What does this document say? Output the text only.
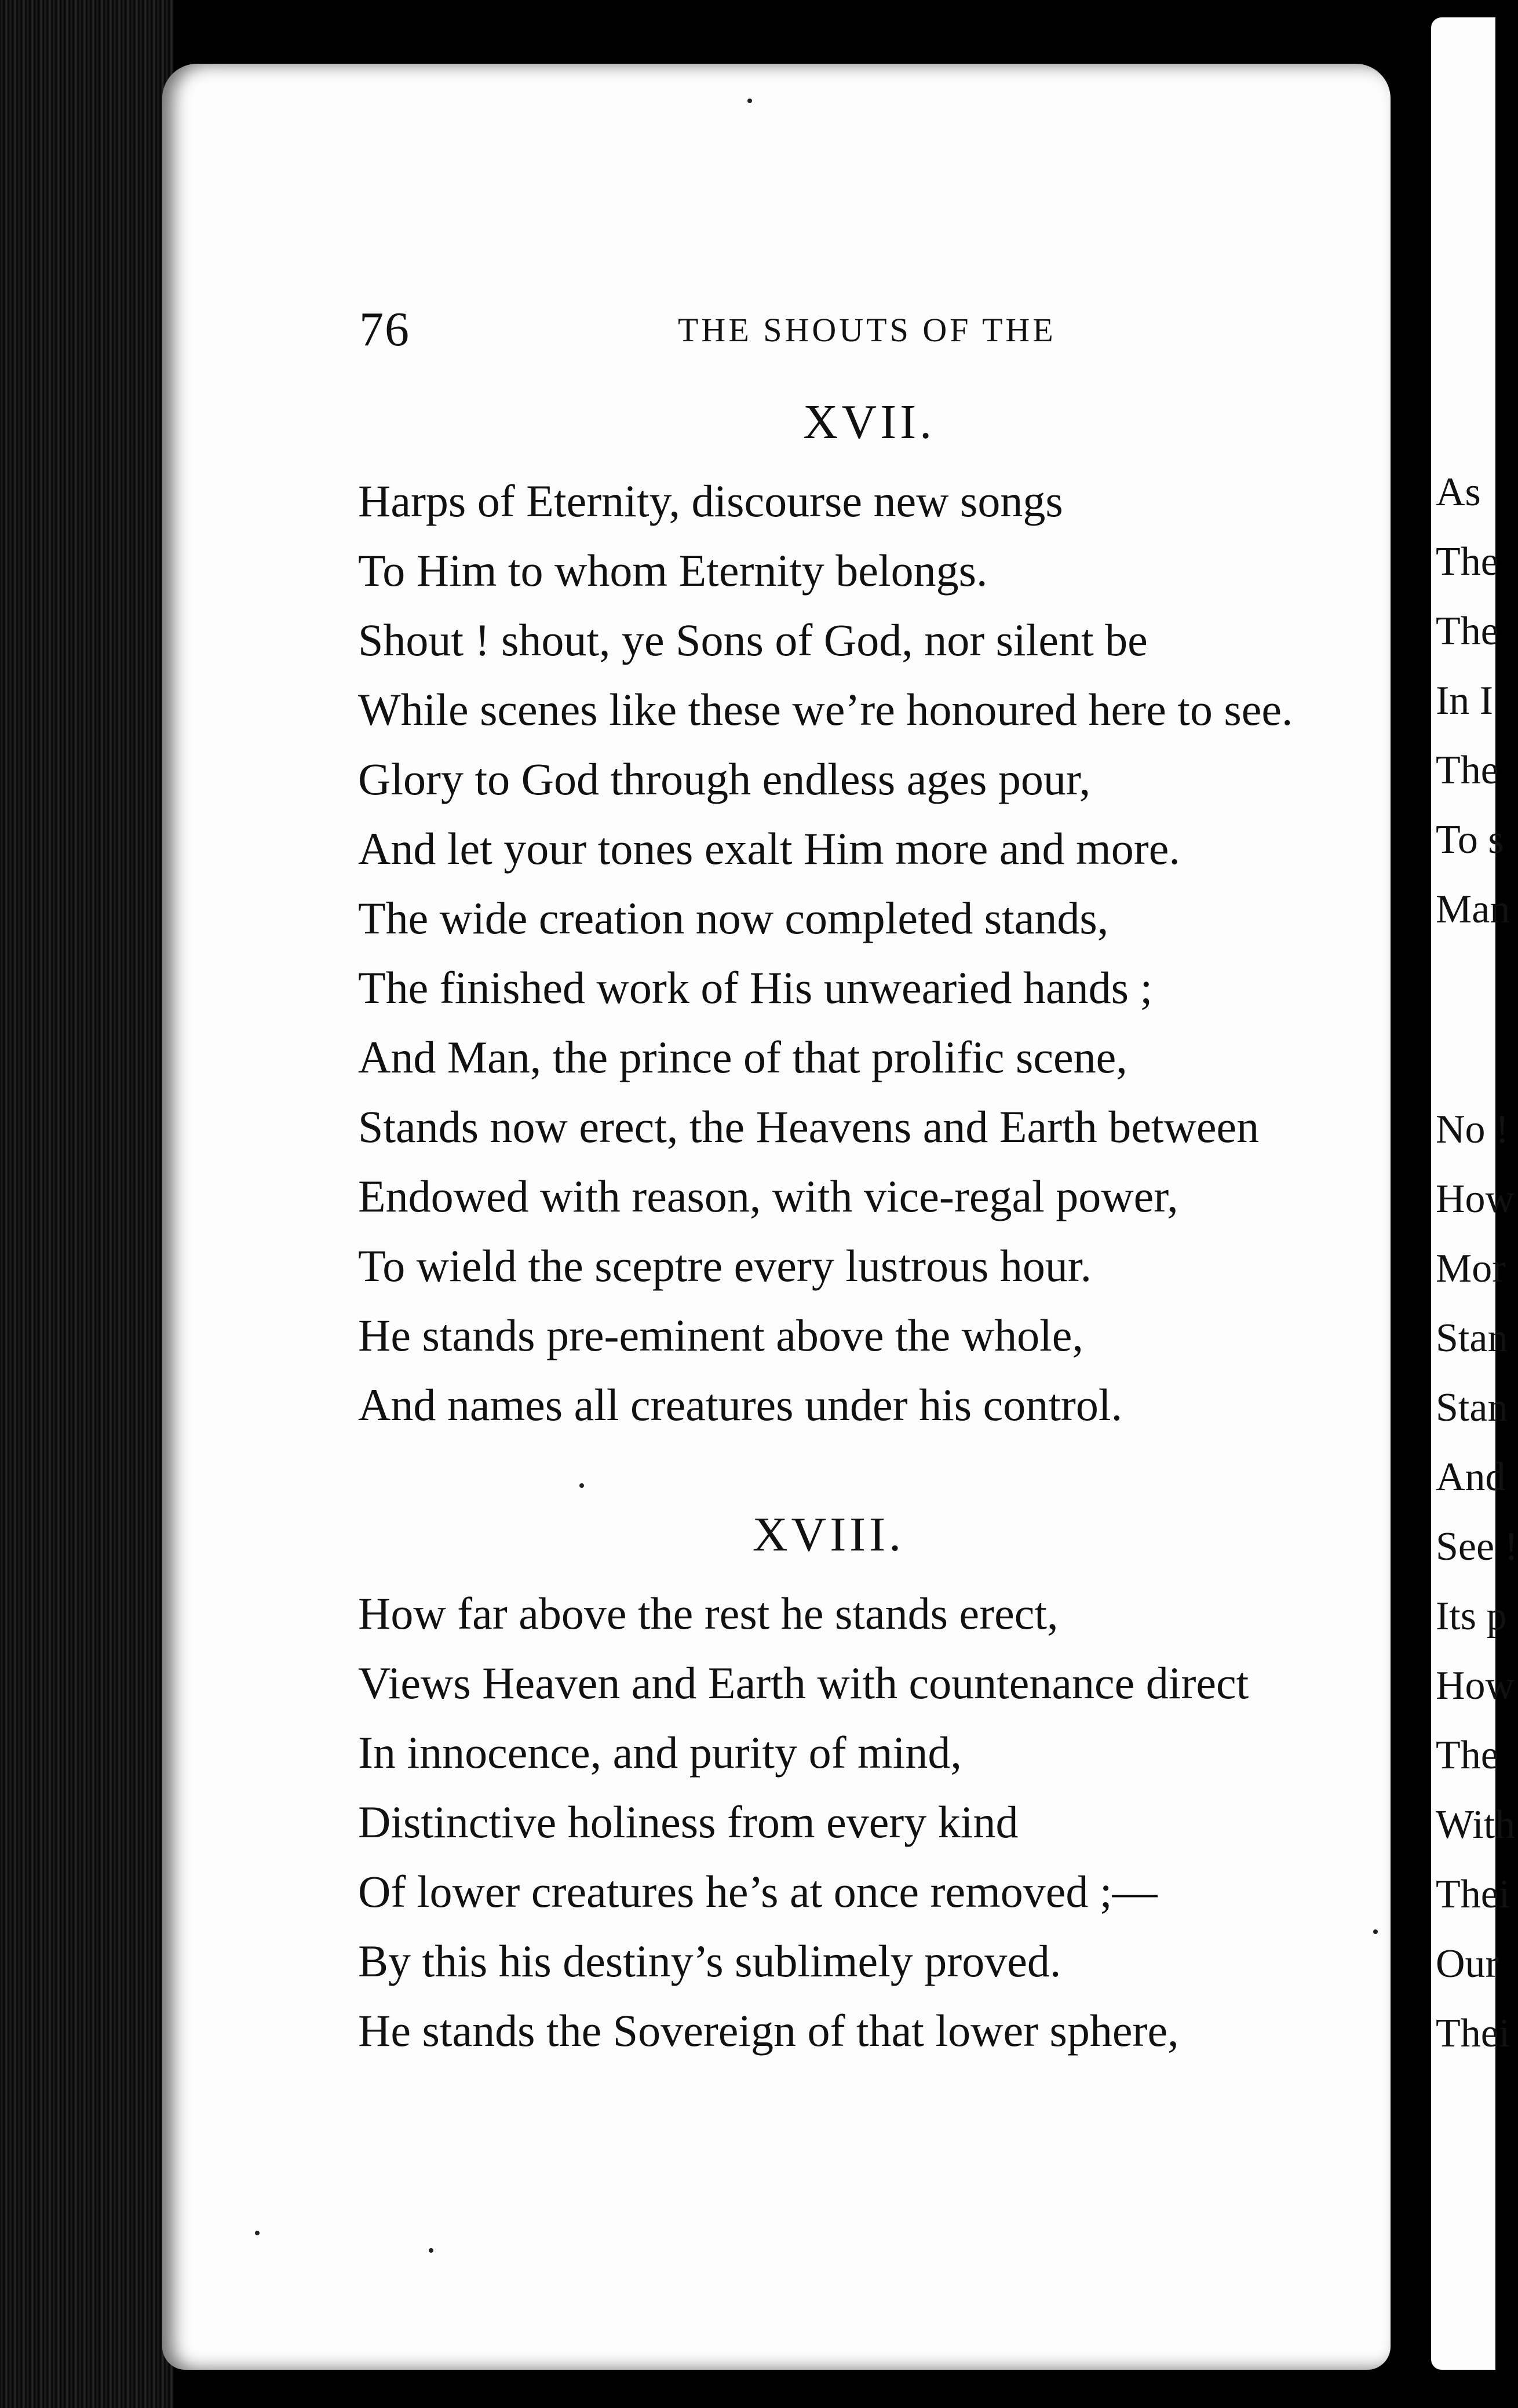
As
The
The
In I
The
To s
Man
No !
How
Mor
Stan
Stan
And
See !
Its p
How
The
With
Thei
Our
Thei
76	THE SHOUTS OF THE
XVII.
Harps of Eternity, discourse new songs
To Him to whom Eternity belongs.
Shout ! shout, ye Sons of God, nor silent be
While scenes like these we’re honoured here to see.
Glory to God through endless ages pour,
And let your tones exalt Him more and more.
The wide creation now completed stands,
The finished work of His unwearied hands ;
And Man, the prince of that prolific scene,
Stands now erect, the Heavens and Earth between
Endowed with reason, with vice-regal power,
To wield the sceptre every lustrous hour.
He stands pre-eminent above the whole,
And names all creatures under his control.
XVIII.
How far above the rest he stands erect,
Views Heaven and Earth with countenance direct
In innocence, and purity of mind,
Distinctive holiness from every kind
Of lower creatures he’s at once removed ;—
By this his destiny’s sublimely proved.
He stands the Sovereign of that lower sphere,
